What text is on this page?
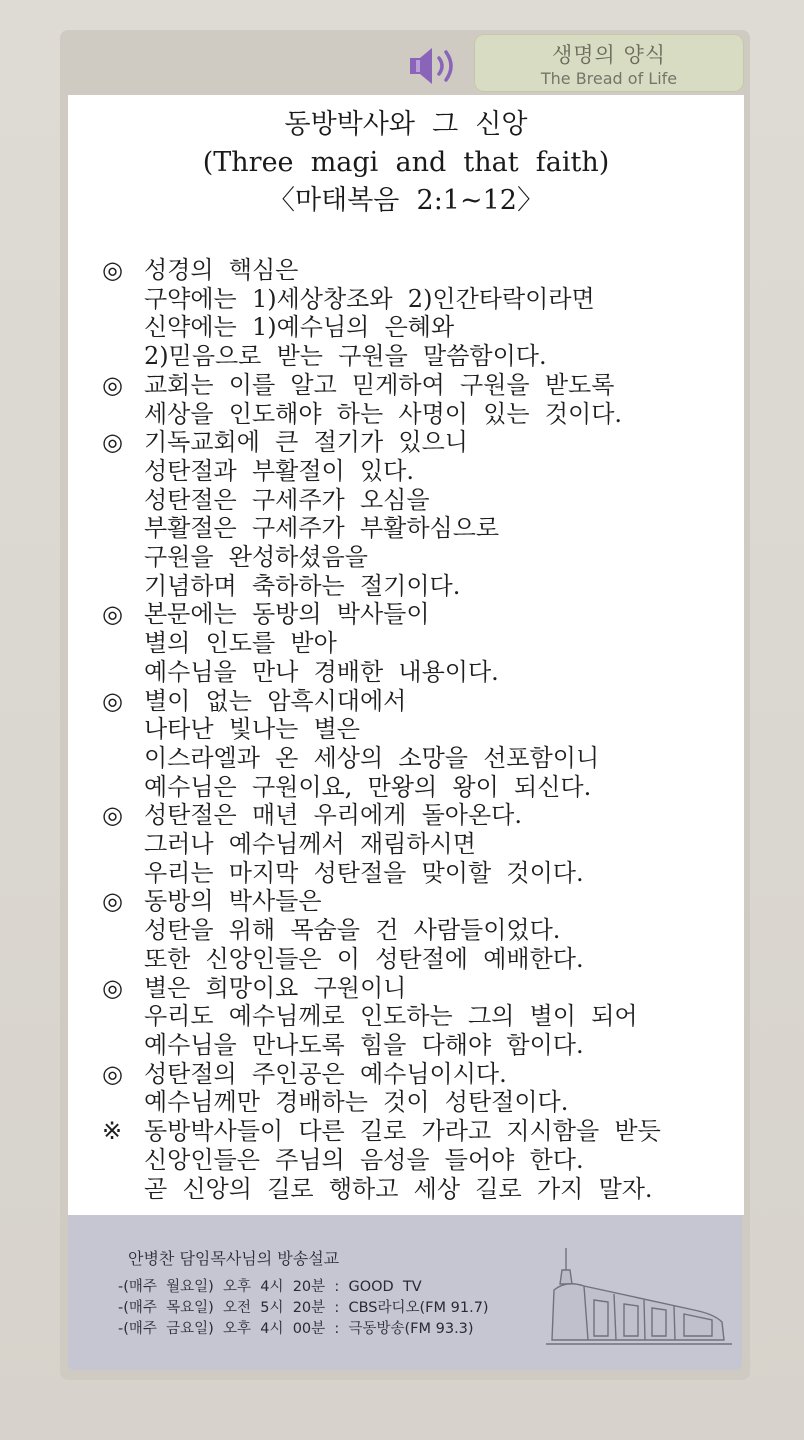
생명의 양식
The Bread of Life
동방박사와  그  신앙
(Three  magi  and  that  faith)
〈마태복음  2:1~12〉
◎ 성경의  핵심은
구약에는  1)세상창조와  2)인간타락이라면
신약에는  1)예수님의  은혜와
2)믿음으로  받는  구원을  말씀함이다.
◎ 교회는  이를  알고  믿게하여  구원을  받도록
세상을  인도해야  하는  사명이  있는  것이다.
◎ 기독교회에  큰  절기가  있으니
성탄절과  부활절이  있다.
성탄절은  구세주가  오심을
부활절은  구세주가  부활하심으로
구원을  완성하셨음을
기념하며  축하하는  절기이다.
◎ 본문에는  동방의  박사들이
별의  인도를  받아
예수님을  만나  경배한  내용이다.
◎ 별이  없는  암흑시대에서
나타난  빛나는  별은
이스라엘과  온  세상의  소망을  선포함이니
예수님은  구원이요,  만왕의  왕이  되신다.
◎ 성탄절은  매년  우리에게  돌아온다.
그러나  예수님께서  재림하시면
우리는  마지막  성탄절을  맞이할  것이다.
◎ 동방의  박사들은
성탄을  위해  목숨을  건  사람들이었다.
또한  신앙인들은  이  성탄절에  예배한다.
◎ 별은  희망이요  구원이니
우리도  예수님께로  인도하는  그의  별이  되어
예수님을  만나도록  힘을  다해야  함이다.
◎ 성탄절의  주인공은  예수님이시다.
예수님께만  경배하는  것이  성탄절이다.
※ 동방박사들이  다른  길로  가라고  지시함을  받듯
신앙인들은  주님의  음성을  들어야  한다.
곧  신앙의  길로  행하고  세상  길로  가지  말자.
안병찬 담임목사님의 방송설교
-(매주  월요일)  오후  4시  20분  :  GOOD  TV
-(매주  목요일)  오전  5시  20분  :  CBS라디오(FM 91.7)
-(매주  금요일)  오후  4시  00분  :  극동방송(FM 93.3)
